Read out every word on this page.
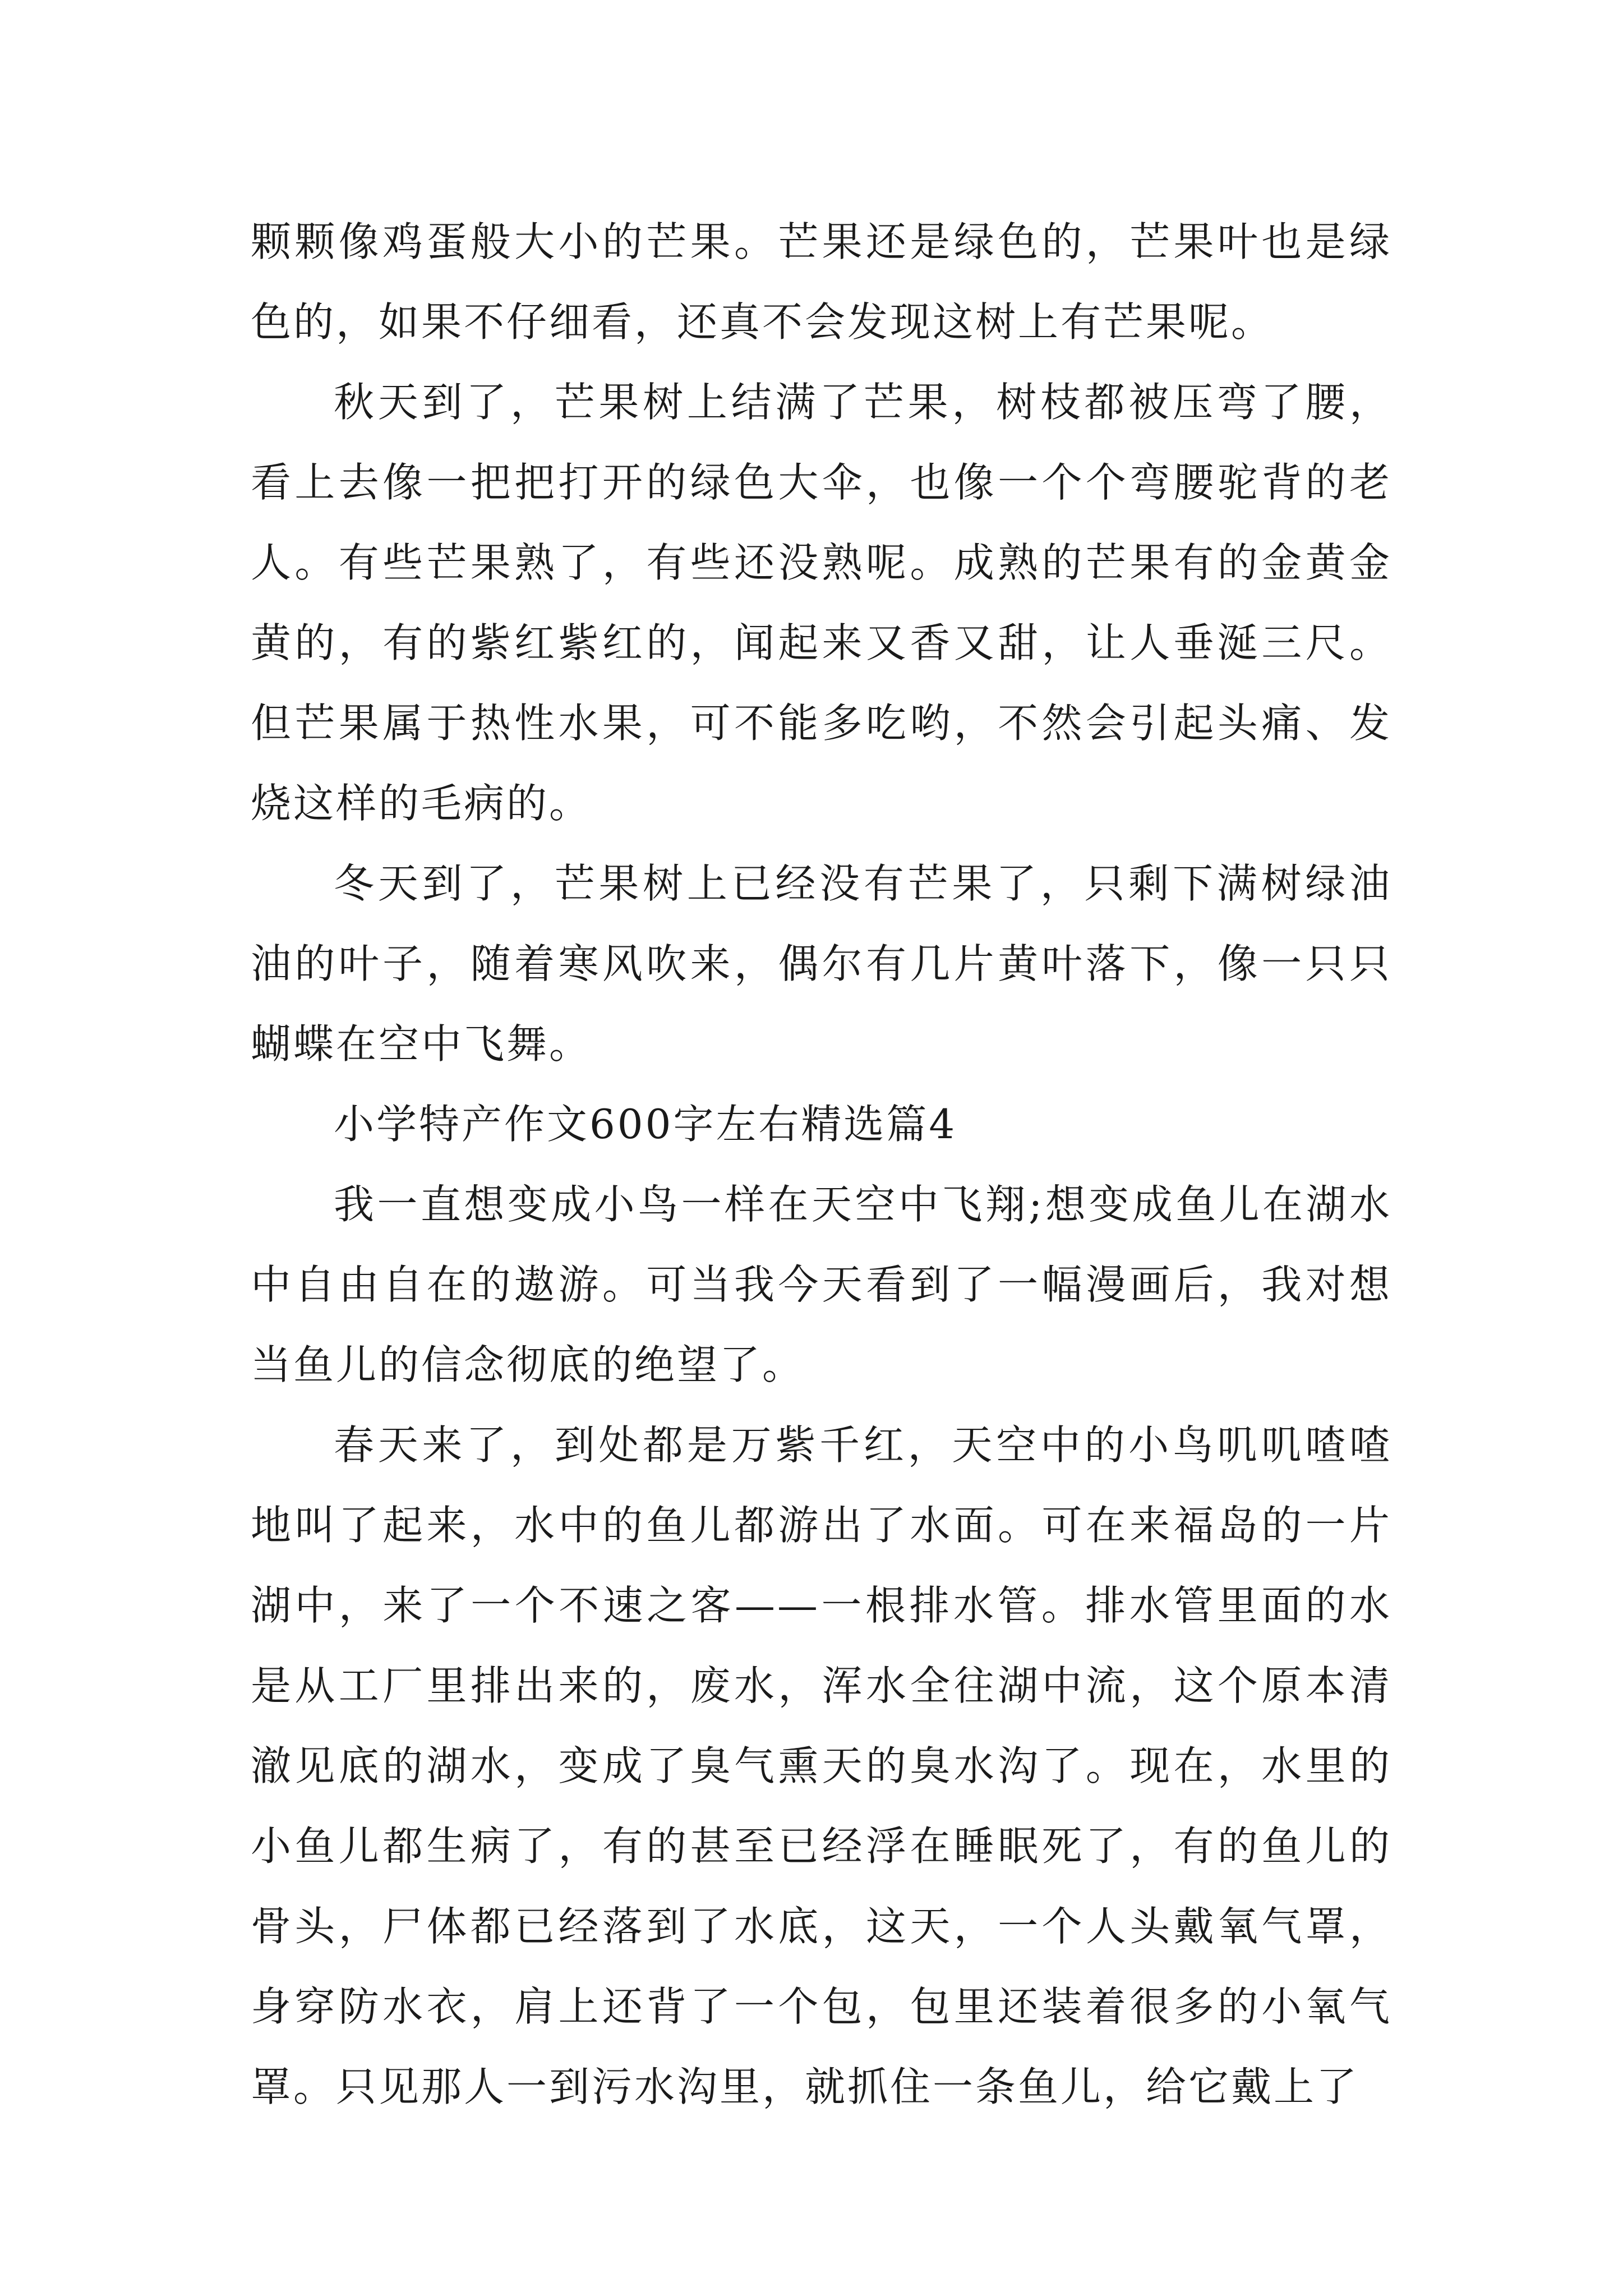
颗颗像鸡蛋般大小的芒果。芒果还是绿色的，芒果叶也是绿色的，如果不仔细看，还真不会发现这树上有芒果呢。

秋天到了，芒果树上结满了芒果，树枝都被压弯了腰，看上去像一把把打开的绿色大伞，也像一个个弯腰驼背的老人。有些芒果熟了，有些还没熟呢。成熟的芒果有的金黄金黄的，有的紫红紫红的，闻起来又香又甜，让人垂涎三尺。但芒果属于热性水果，可不能多吃哟，不然会引起头痛、发烧这样的毛病的。

冬天到了，芒果树上已经没有芒果了，只剩下满树绿油油的叶子，随着寒风吹来，偶尔有几片黄叶落下，像一只只蝴蝶在空中飞舞。

小学特产作文600字左右精选篇4

我一直想变成小鸟一样在天空中飞翔;想变成鱼儿在湖水中自由自在的遨游。可当我今天看到了一幅漫画后，我对想当鱼儿的信念彻底的绝望了。

春天来了，到处都是万紫千红，天空中的小鸟叽叽喳喳地叫了起来，水中的鱼儿都游出了水面。可在来福岛的一片湖中，来了一个不速之客——一根排水管。排水管里面的水是从工厂里排出来的，废水，浑水全往湖中流，这个原本清澈见底的湖水，变成了臭气熏天的臭水沟了。现在，水里的小鱼儿都生病了，有的甚至已经浮在睡眠死了，有的鱼儿的骨头，尸体都已经落到了水底，这天，一个人头戴氧气罩，身穿防水衣，肩上还背了一个包，包里还装着很多的小氧气罩。只见那人一到污水沟里，就抓住一条鱼儿，给它戴上了
